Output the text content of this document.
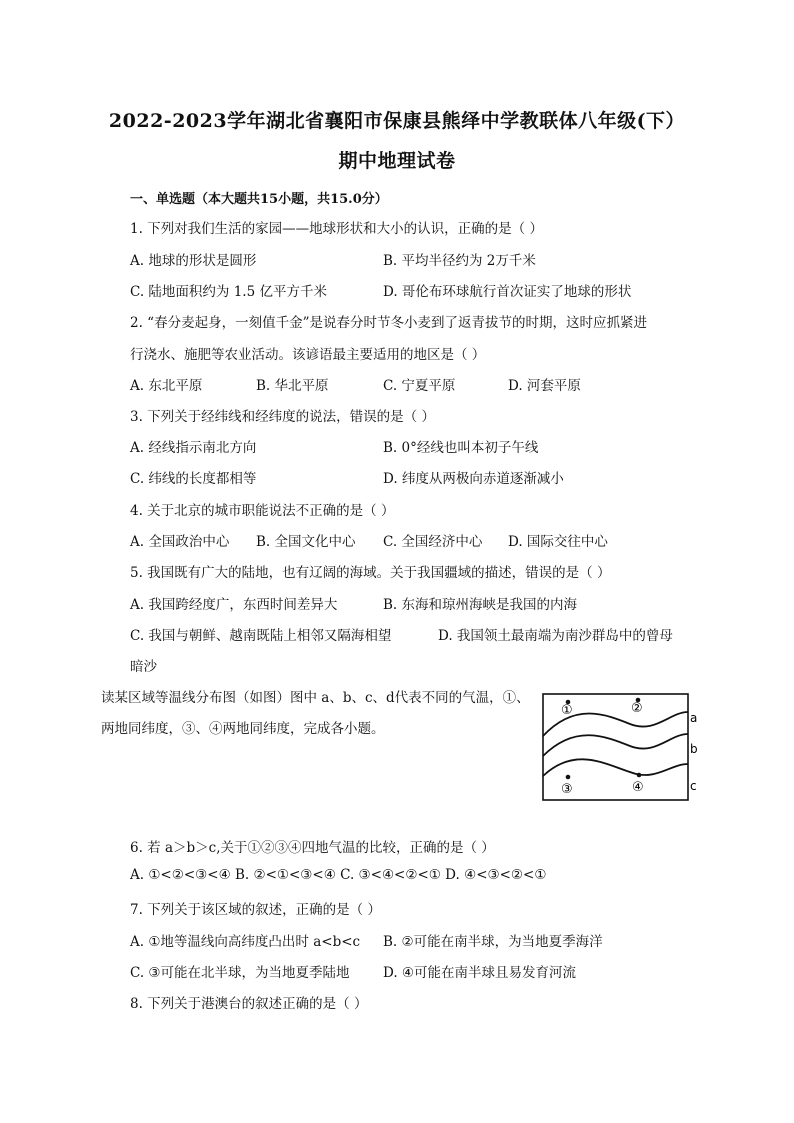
2022-2023学年湖北省襄阳市保康县熊绎中学教联体八年级(下）
期中地理试卷
一、单选题（本大题共15小题，共15.0分）
1. 下列对我们生活的家园——地球形状和大小的认识，正确的是（ ）
A. 地球的形状是圆形	B. 平均半径约为 2万千米
C. 陆地面积约为 1.5 亿平方千米	D. 哥伦布环球航行首次证实了地球的形状
2. “春分麦起身，一刻值千金”是说春分时节冬小麦到了返青拔节的时期，这时应抓紧进
行浇水、施肥等农业活动。该谚语最主要适用的地区是（ ）
A. 东北平原	B. 华北平原	C. 宁夏平原	D. 河套平原
3. 下列关于经纬线和经纬度的说法，错误的是（ ）
A. 经线指示南北方向	B. 0°经线也叫本初子午线
C. 纬线的长度都相等	D. 纬度从两极向赤道逐渐减小
4. 关于北京的城市职能说法不正确的是（ ）
A. 全国政治中心 B. 全国文化中心 C. 全国经济中心 D. 国际交往中心
5. 我国既有广大的陆地，也有辽阔的海域。关于我国疆域的描述，错误的是（ ）
A. 我国跨经度广，东西时间差异大	B. 东海和琼州海峡是我国的内海
C. 我国与朝鲜、越南既陆上相邻又隔海相望	D. 我国领土最南端为南沙群岛中的曾母
暗沙
读某区域等温线分布图（如图）图中 a、b、c、d代表不同的气温，①、
两地同纬度，③、④两地同纬度，完成各小题。
①	②
③	④
a
b
c
6. 若 a＞b＞c,关于①②③④四地气温的比较，正确的是（ ）
A. ①<②<③<④ B. ②<①<③<④ C. ③<④<②<① D. ④<③<②<①
7. 下列关于该区域的叙述，正确的是（ ）
A. ①地等温线向高纬度凸出时 a<b<c B. ②可能在南半球，为当地夏季海洋
C. ③可能在北半球，为当地夏季陆地 D. ④可能在南半球且易发育河流
8. 下列关于港澳台的叙述正确的是（ ）
